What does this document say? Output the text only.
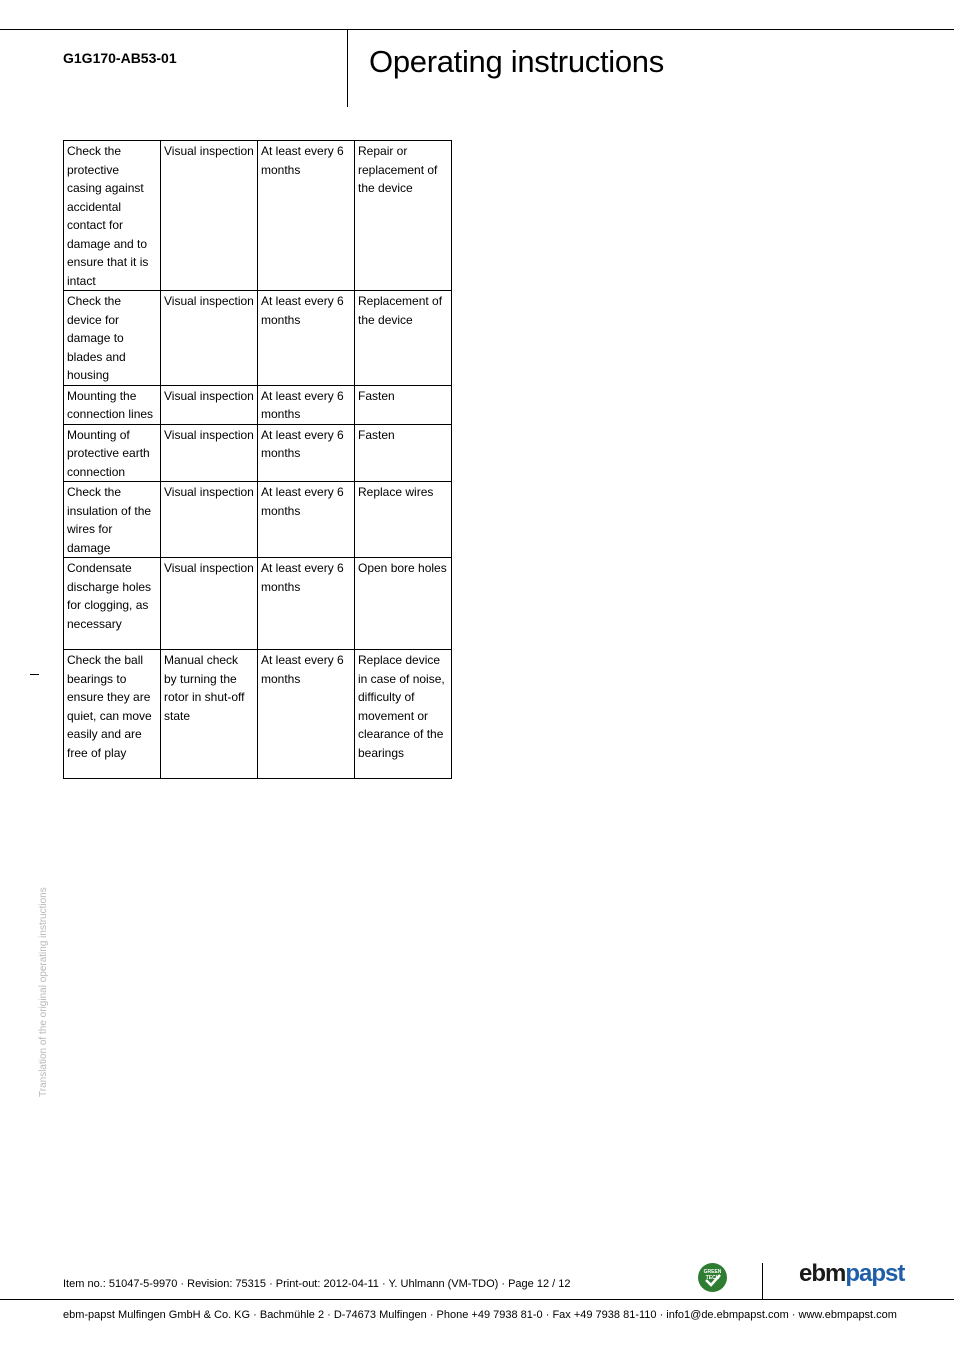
G1G170-AB53-01	Operating instructions
Check the protective casing against accidental contact for damage and to ensure that it is intact	Visual inspection	At least every 6 months	Repair or replacement of the device
Check the device for damage to blades and housing	Visual inspection	At least every 6 months	Replacement of the device
Mounting the connection lines	Visual inspection	At least every 6 months	Fasten
Mounting of protective earth connection	Visual inspection	At least every 6 months	Fasten
Check the insulation of the wires for damage	Visual inspection	At least every 6 months	Replace wires
Condensate discharge holes for clogging, as necessary	Visual inspection	At least every 6 months	Open bore holes
Check the ball bearings to ensure they are quiet, can move easily and are free of play	Manual check by turning the rotor in shut-off state	At least every 6 months	Replace device in case of noise, difficulty of movement or clearance of the bearings
Translation of the original operating instructions
Item no.: 51047-5-9970 · Revision: 75315 · Print-out: 2012-04-11 · Y. Uhlmann (VM-TDO) · Page 12 / 12
GREEN TECH	ebmpapst
ebm-papst Mulfingen GmbH & Co. KG · Bachmühle 2 · D-74673 Mulfingen · Phone +49 7938 81-0 · Fax +49 7938 81-110 · info1@de.ebmpapst.com · www.ebmpapst.com
